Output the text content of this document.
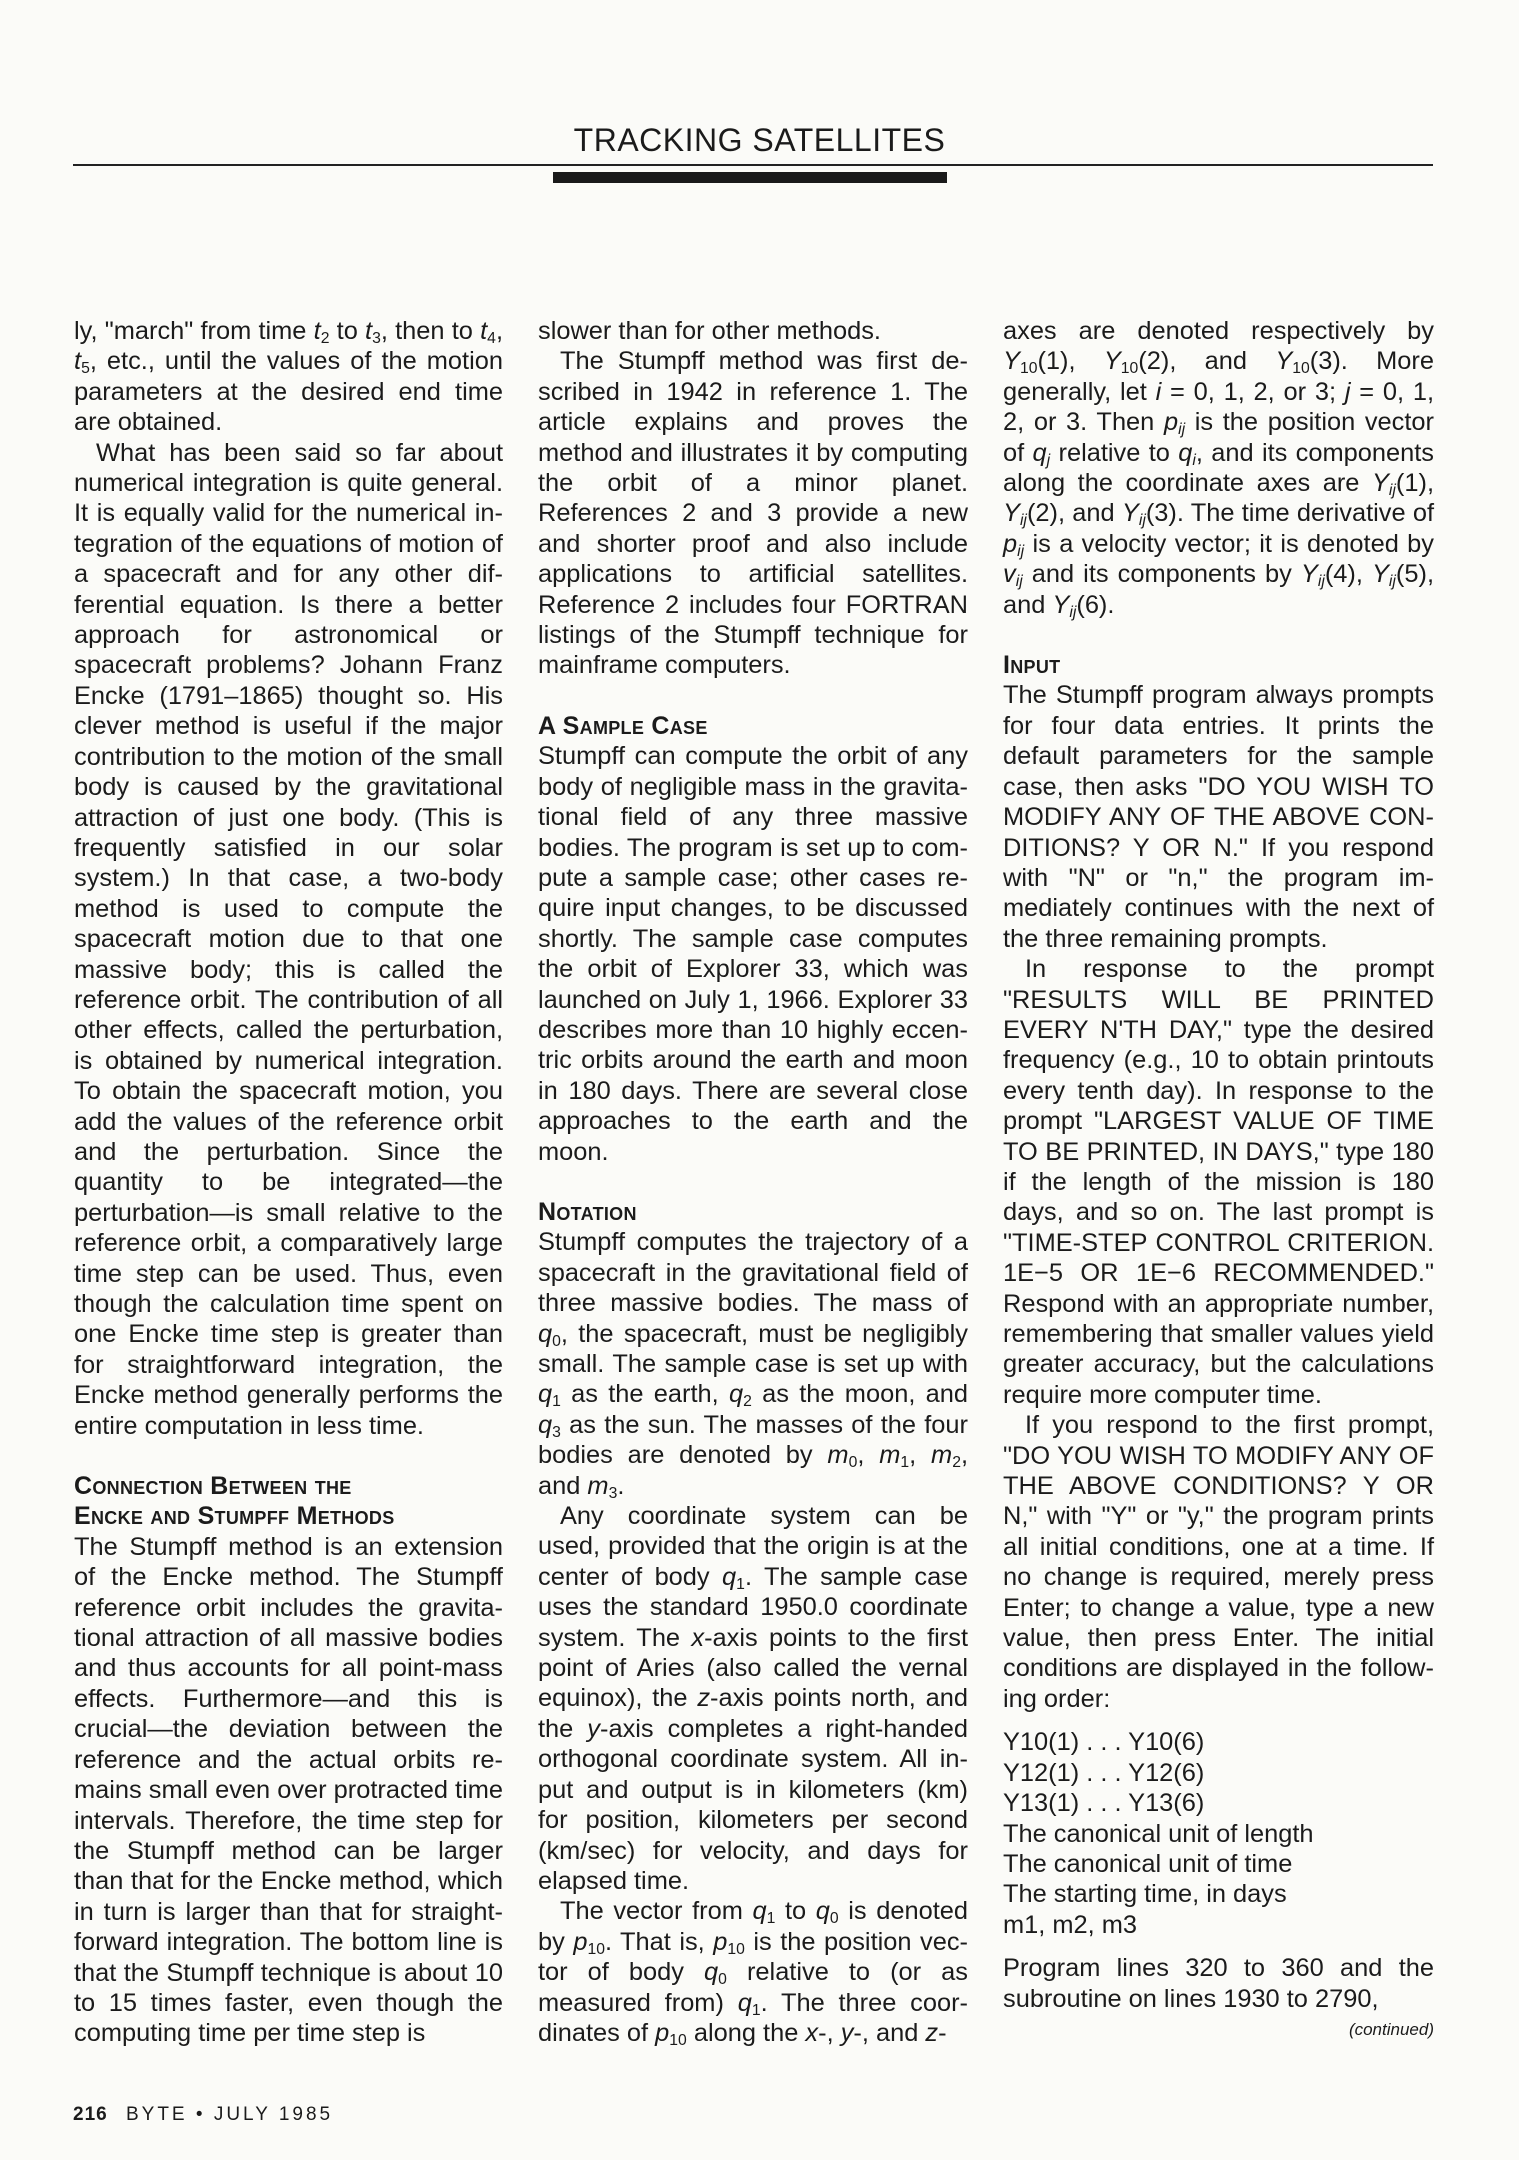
TRACKING SATELLITES

ly, "march" from time $t_2$ to $t_3$, then to $t_4$, $t_5$, etc., until the values of the motion parameters at the desired end time are obtained.

What has been said so far about numerical integration is quite general. It is equally valid for the numerical integration of the equations of motion of a spacecraft and for any other differential equation. Is there a better approach for astronomical or spacecraft problems? Johann Franz Encke (1791–1865) thought so. His clever method is useful if the major contribution to the motion of the small body is caused by the gravitational attraction of just one body. (This is frequently satisfied in our solar system.) In that case, a two-body method is used to compute the spacecraft motion due to that one massive body; this is called the reference orbit. The contribution of all other effects, called the perturbation, is obtained by numerical integration. To obtain the spacecraft motion, you add the values of the reference orbit and the perturbation. Since the quantity to be integrated—the perturbation—is small relative to the reference orbit, a comparatively large time step can be used. Thus, even though the calculation time spent on one Encke time step is greater than for straightforward integration, the Encke method generally performs the entire computation in less time.

Connection Between the
Encke and Stumpff Methods

The Stumpff method is an extension of the Encke method. The Stumpff reference orbit includes the gravitational attraction of all massive bodies and thus accounts for all point-mass effects. Furthermore—and this is crucial—the deviation between the reference and the actual orbits remains small even over protracted time intervals. Therefore, the time step for the Stumpff method can be larger than that for the Encke method, which in turn is larger than that for straightforward integration. The bottom line is that the Stumpff technique is about 10 to 15 times faster, even though the computing time per time step is

slower than for other methods.

The Stumpff method was first described in 1942 in reference 1. The article explains and proves the method and illustrates it by computing the orbit of a minor planet. References 2 and 3 provide a new and shorter proof and also include applications to artificial satellites. Reference 2 includes four FORTRAN listings of the Stumpff technique for mainframe computers.

A Sample Case

Stumpff can compute the orbit of any body of negligible mass in the gravitational field of any three massive bodies. The program is set up to compute a sample case; other cases require input changes, to be discussed shortly. The sample case computes the orbit of Explorer 33, which was launched on July 1, 1966. Explorer 33 describes more than 10 highly eccentric orbits around the earth and moon in 180 days. There are several close approaches to the earth and the moon.

Notation

Stumpff computes the trajectory of a spacecraft in the gravitational field of three massive bodies. The mass of $q_0$, the spacecraft, must be negligibly small. The sample case is set up with $q_1$ as the earth, $q_2$ as the moon, and $q_3$ as the sun. The masses of the four bodies are denoted by $m_0$, $m_1$, $m_2$, and $m_3$.

Any coordinate system can be used, provided that the origin is at the center of body $q_1$. The sample case uses the standard 1950.0 coordinate system. The x-axis points to the first point of Aries (also called the vernal equinox), the z-axis points north, and the y-axis completes a right-handed orthogonal coordinate system. All input and output is in kilometers (km) for position, kilometers per second (km/sec) for velocity, and days for elapsed time.

The vector from $q_1$ to $q_0$ is denoted by $p_{10}$. That is, $p_{10}$ is the position vector of body $q_0$ relative to (or as measured from) $q_1$. The three coordinates of $p_{10}$ along the x-, y-, and z-

axes are denoted respectively by $Y_{10}(1)$, $Y_{10}(2)$, and $Y_{10}(3)$. More generally, let i = 0, 1, 2, or 3; j = 0, 1, 2, or 3. Then $p_{ij}$ is the position vector of $q_j$ relative to $q_i$, and its components along the coordinate axes are $Y_{ij}(1)$, $Y_{ij}(2)$, and $Y_{ij}(3)$. The time derivative of $p_{ij}$ is a velocity vector; it is denoted by $v_{ij}$ and its components by $Y_{ij}(4)$, $Y_{ij}(5)$, and $Y_{ij}(6)$.

Input

The Stumpff program always prompts for four data entries. It prints the default parameters for the sample case, then asks "DO YOU WISH TO MODIFY ANY OF THE ABOVE CONDITIONS? Y OR N." If you respond with "N" or "n," the program immediately continues with the next of the three remaining prompts.

In response to the prompt "RESULTS WILL BE PRINTED EVERY N'TH DAY," type the desired frequency (e.g., 10 to obtain printouts every tenth day). In response to the prompt "LARGEST VALUE OF TIME TO BE PRINTED, IN DAYS," type 180 if the length of the mission is 180 days, and so on. The last prompt is "TIME-STEP CONTROL CRITERION. 1E−5 OR 1E−6 RECOMMENDED." Respond with an appropriate number, remembering that smaller values yield greater accuracy, but the calculations require more computer time.

If you respond to the first prompt, "DO YOU WISH TO MODIFY ANY OF THE ABOVE CONDITIONS? Y OR N," with "Y" or "y," the program prints all initial conditions, one at a time. If no change is required, merely press Enter; to change a value, type a new value, then press Enter. The initial conditions are displayed in the following order:

Y10(1) . . . Y10(6)
Y12(1) . . . Y12(6)
Y13(1) . . . Y13(6)
The canonical unit of length
The canonical unit of time
The starting time, in days
m1, m2, m3

Program lines 320 to 360 and the subroutine on lines 1930 to 2790,

(continued)
216 BYTE • JULY 1985
